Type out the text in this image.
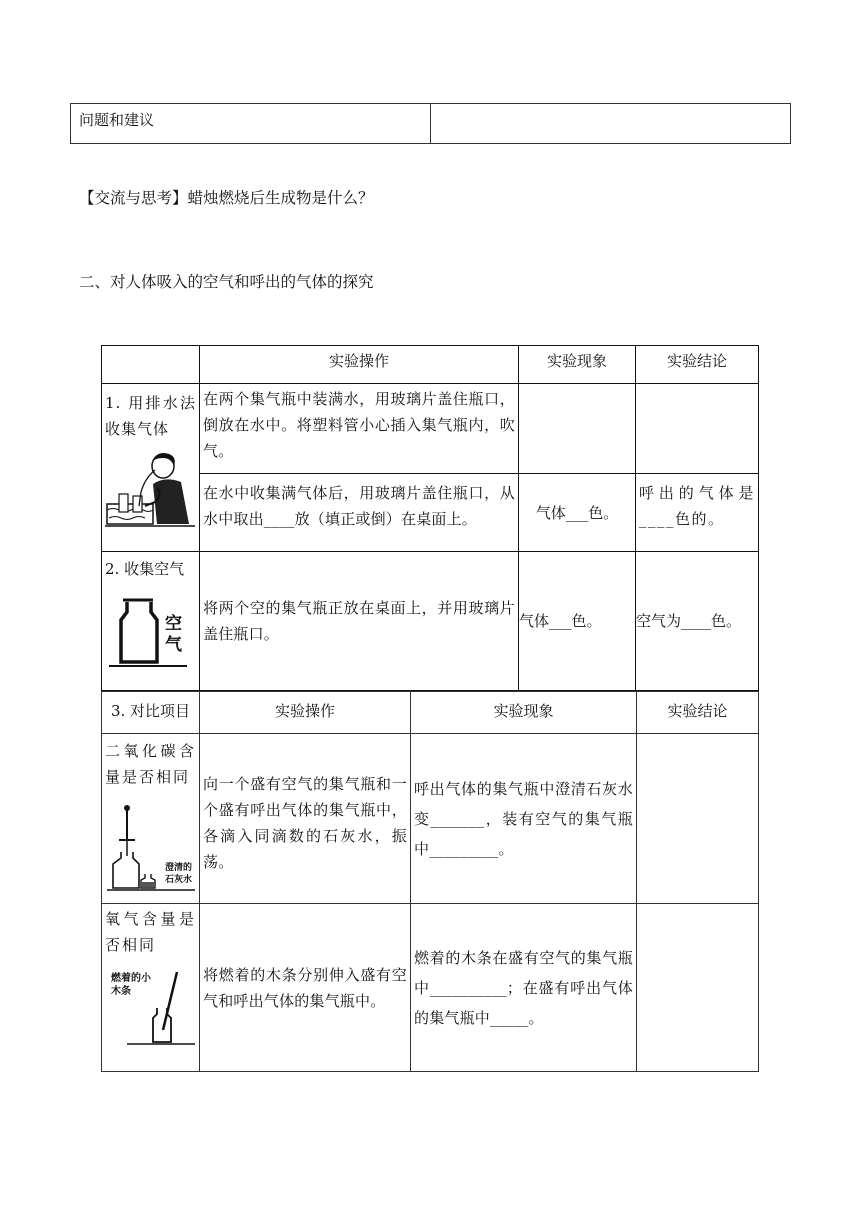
问题和建议	
【交流与思考】蜡烛燃烧后生成物是什么？
二、对人体吸入的空气和呼出的气体的探究
	实验操作	实验现象	实验结论

1. 用排水法收集气体	在两个集气瓶中装满水，用玻璃片盖住瓶口，倒放在水中。将塑料管小心插入集气瓶内，吹气。		
	在水中收集满气体后，用玻璃片盖住瓶口，从水中取出____放（填正或倒）在桌面上。	气体___色。	呼出的气体是____色的。

2. 收集空气
空气	将两个空的集气瓶正放在桌面上，并用玻璃片盖住瓶口。	气体___色。	空气为____色。
3. 对比项目	实验操作	实验现象	实验结论

二氧化碳含量是否相同
澄清的石灰水	向一个盛有空气的集气瓶和一个盛有呼出气体的集气瓶中，各滴入同滴数的石灰水，振荡。	呼出气体的集气瓶中澄清石灰水变_______，装有空气的集气瓶中_________。	

氧气含量是否相同
燃着的小木条	将燃着的木条分别伸入盛有空气和呼出气体的集气瓶中。	燃着的木条在盛有空气的集气瓶中__________；在盛有呼出气体的集气瓶中_____。	
